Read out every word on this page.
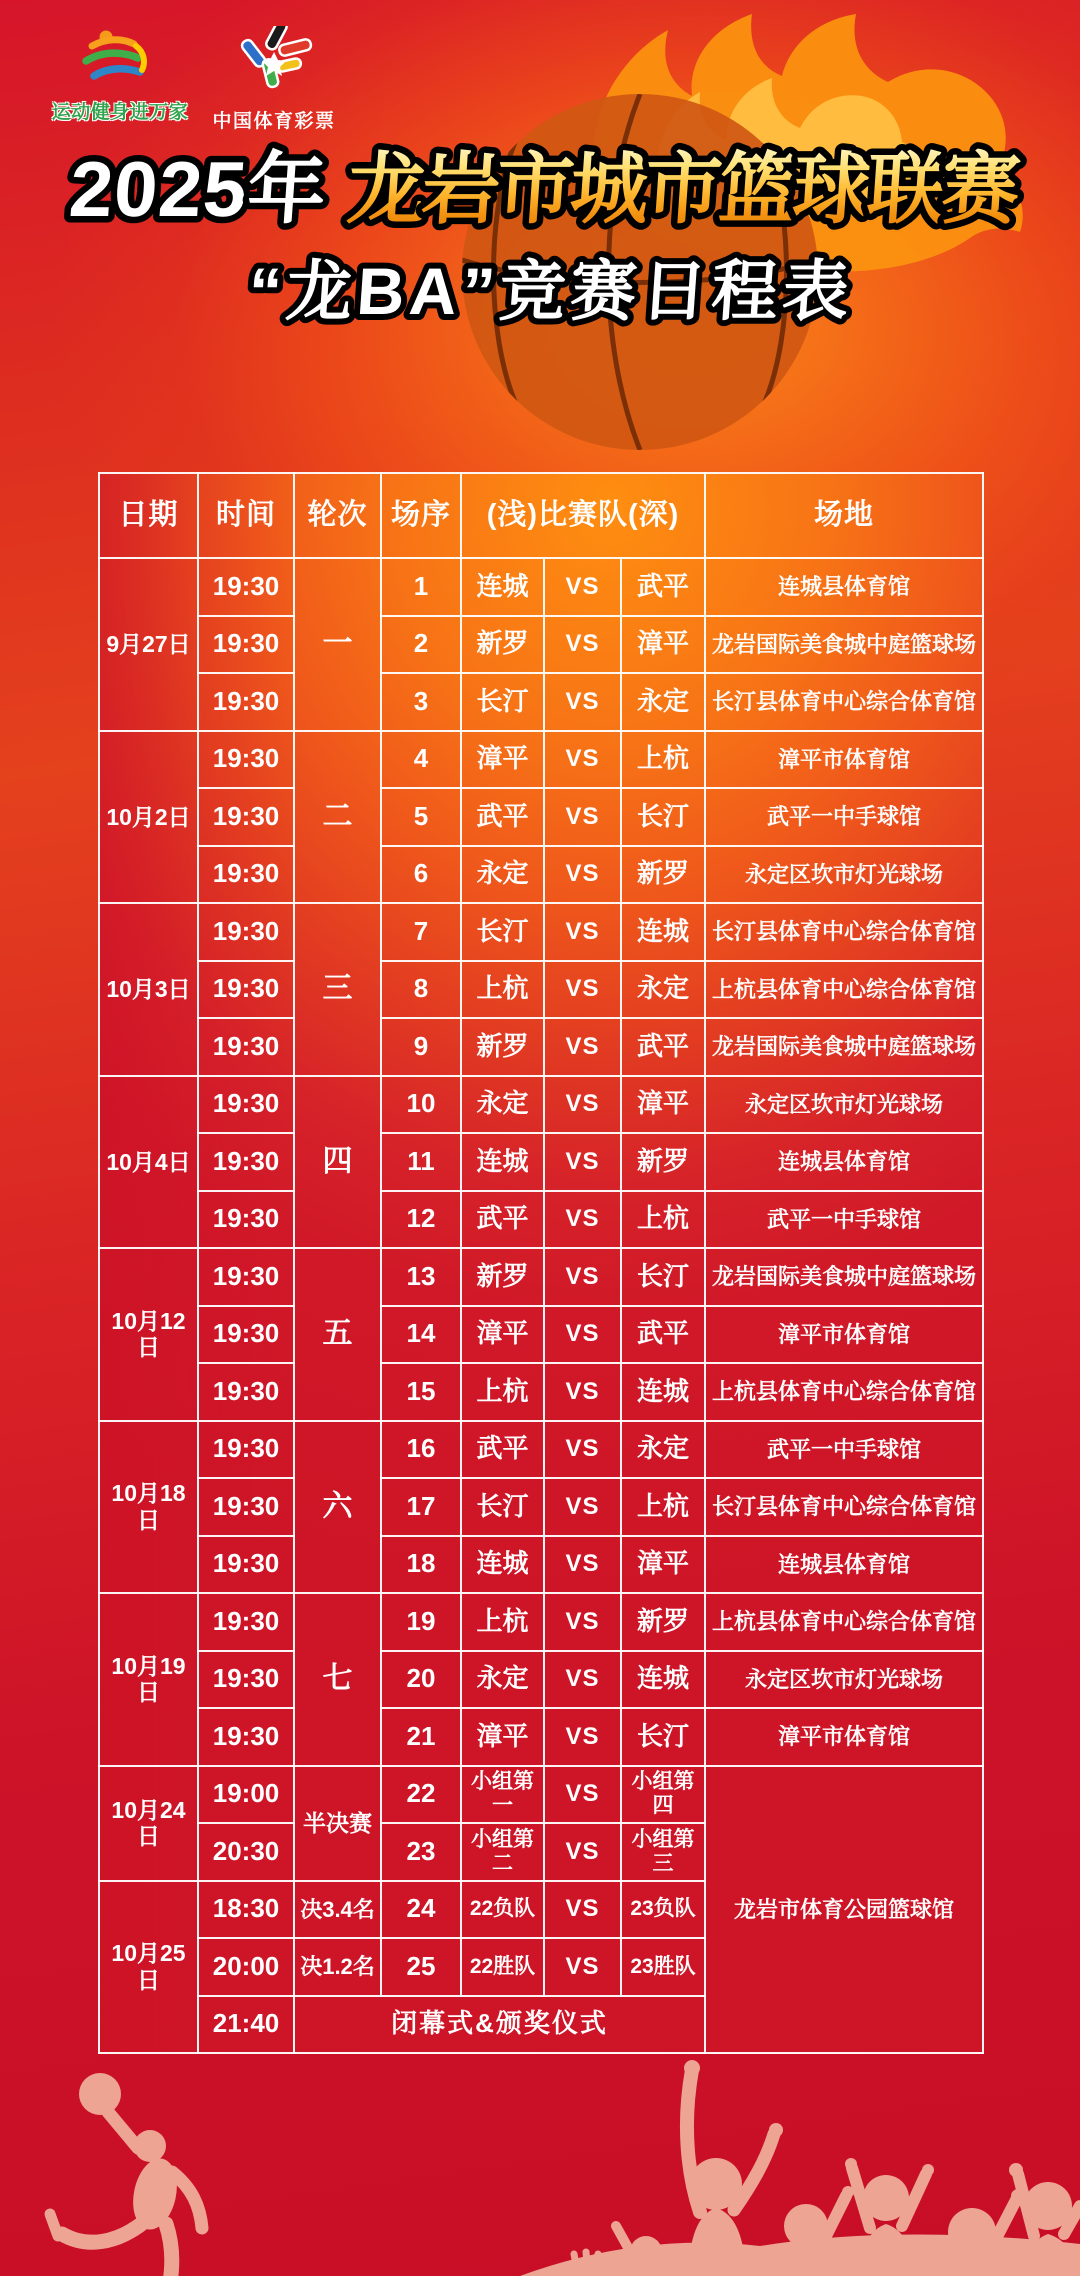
运动健身进万家	中国体育彩票
2025年 龙岩市城市篮球联赛
“龙BA”竞赛日程表
日期	时间	轮次	场序	(浅)比赛队(深)			场地
9月27日	19:30	一	1	连城	VS	武平	连城县体育馆
	19:30		2	新罗	VS	漳平	龙岩国际美食城中庭篮球场
	19:30		3	长汀	VS	永定	长汀县体育中心综合体育馆
10月2日	19:30	二	4	漳平	VS	上杭	漳平市体育馆
	19:30		5	武平	VS	长汀	武平一中手球馆
	19:30		6	永定	VS	新罗	永定区坎市灯光球场
10月3日	19:30	三	7	长汀	VS	连城	长汀县体育中心综合体育馆
	19:30		8	上杭	VS	永定	上杭县体育中心综合体育馆
	19:30		9	新罗	VS	武平	龙岩国际美食城中庭篮球场
10月4日	19:30	四	10	永定	VS	漳平	永定区坎市灯光球场
	19:30		11	连城	VS	新罗	连城县体育馆
	19:30		12	武平	VS	上杭	武平一中手球馆
10月12日	19:30	五	13	新罗	VS	长汀	龙岩国际美食城中庭篮球场
	19:30		14	漳平	VS	武平	漳平市体育馆
	19:30		15	上杭	VS	连城	上杭县体育中心综合体育馆
10月18日	19:30	六	16	武平	VS	永定	武平一中手球馆
	19:30		17	长汀	VS	上杭	长汀县体育中心综合体育馆
	19:30		18	连城	VS	漳平	连城县体育馆
10月19日	19:30	七	19	上杭	VS	新罗	上杭县体育中心综合体育馆
	19:30		20	永定	VS	连城	永定区坎市灯光球场
	19:30		21	漳平	VS	长汀	漳平市体育馆
10月24日	19:00	半决赛	22	小组第一	VS	小组第四	龙岩市体育公园篮球馆
	20:30		23	小组第二	VS	小组第三	
10月25日	18:30	决3.4名	24	22负队	VS	23负队	
	20:00	决1.2名	25	22胜队	VS	23胜队	
	21:40	闭幕式&颁奖仪式					
